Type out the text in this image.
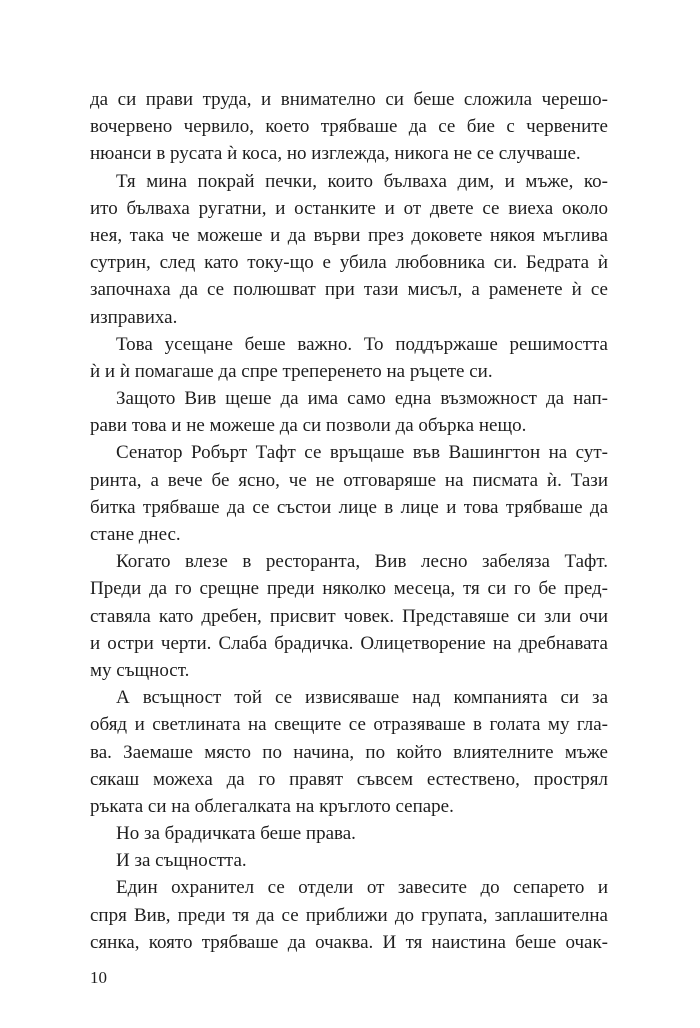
да си прави труда, и внимателно си беше сложила черешо-
вочервено червило, което трябваше да се бие с червените
нюанси в русата ѝ коса, но изглежда, никога не се случваше.
Тя мина покрай печки, които бълваха дим, и мъже, ко-
ито бълваха ругатни, и останките и от двете се виеха около
нея, така че можеше и да върви през доковете някоя мъглива
сутрин, след като току-що е убила любовника си. Бедрата ѝ
започнаха да се полюшват при тази мисъл, а раменете ѝ се
изправиха.
Това усещане беше важно. То поддържаше решимостта
ѝ и ѝ помагаше да спре треперенето на ръцете си.
Защото Вив щеше да има само една възможност да нап-
рави това и не можеше да си позволи да объркa нещо.
Сенатор Робърт Тафт се връщаше във Вашингтон на сут-
ринта, а вече бе ясно, че не отговаряше на писмата ѝ. Тази
битка трябваше да се състои лице в лице и това трябваше да
стане днес.
Когато влезе в ресторанта, Вив лесно забеляза Тафт.
Преди да го срещне преди няколко месеца, тя си го бе пред-
ставяла като дребен, присвит човек. Представяше си зли очи
и остри черти. Слаба брадичка. Олицетворение на дребнавата
му същност.
А всъщност той се извисяваше над компанията си за
обяд и светлината на свещите се отразяваше в голата му гла-
ва. Заемаше място по начина, по който влиятелните мъже
сякаш можеха да го правят съвсем естествено, прострял
ръката си на облегалката на кръглото сепаре.
Но за брадичката беше права.
И за същността.
Един охранител се отдели от завесите до сепарето и
спря Вив, преди тя да се приближи до групата, заплашителна
сянка, която трябваше да очаква. И тя наистина беше очак-
10
